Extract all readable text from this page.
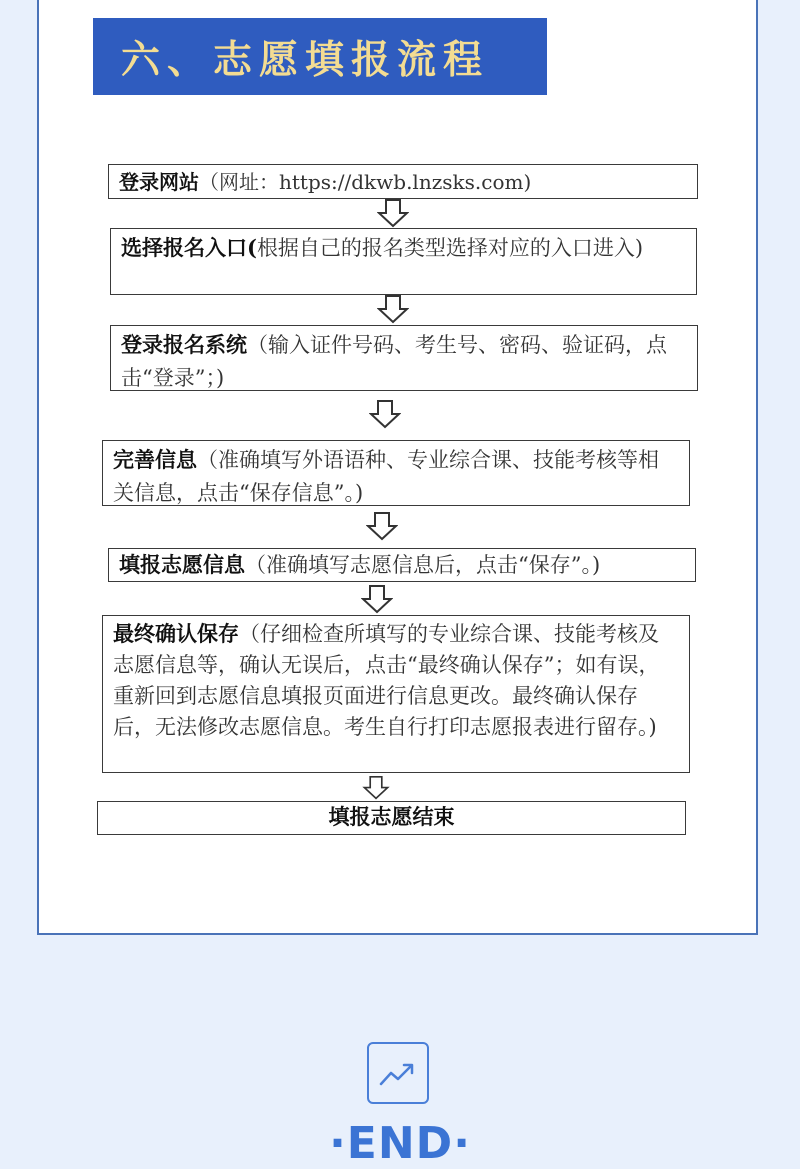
六、志愿填报流程
登录网站（网址：https://dkwb.lnzsks.com)
选择报名入口(根据自己的报名类型选择对应的入口进入)
登录报名系统（输入证件号码、考生号、密码、验证码，点击“登录”；)
完善信息（准确填写外语语种、专业综合课、技能考核等相关信息，点击“保存信息”。)
填报志愿信息（准确填写志愿信息后，点击“保存”。)
最终确认保存（仔细检查所填写的专业综合课、技能考核及志愿信息等，确认无误后，点击“最终确认保存”；如有误，重新回到志愿信息填报页面进行信息更改。最终确认保存后，无法修改志愿信息。考生自行打印志愿报表进行留存。)
填报志愿结束
·END·
